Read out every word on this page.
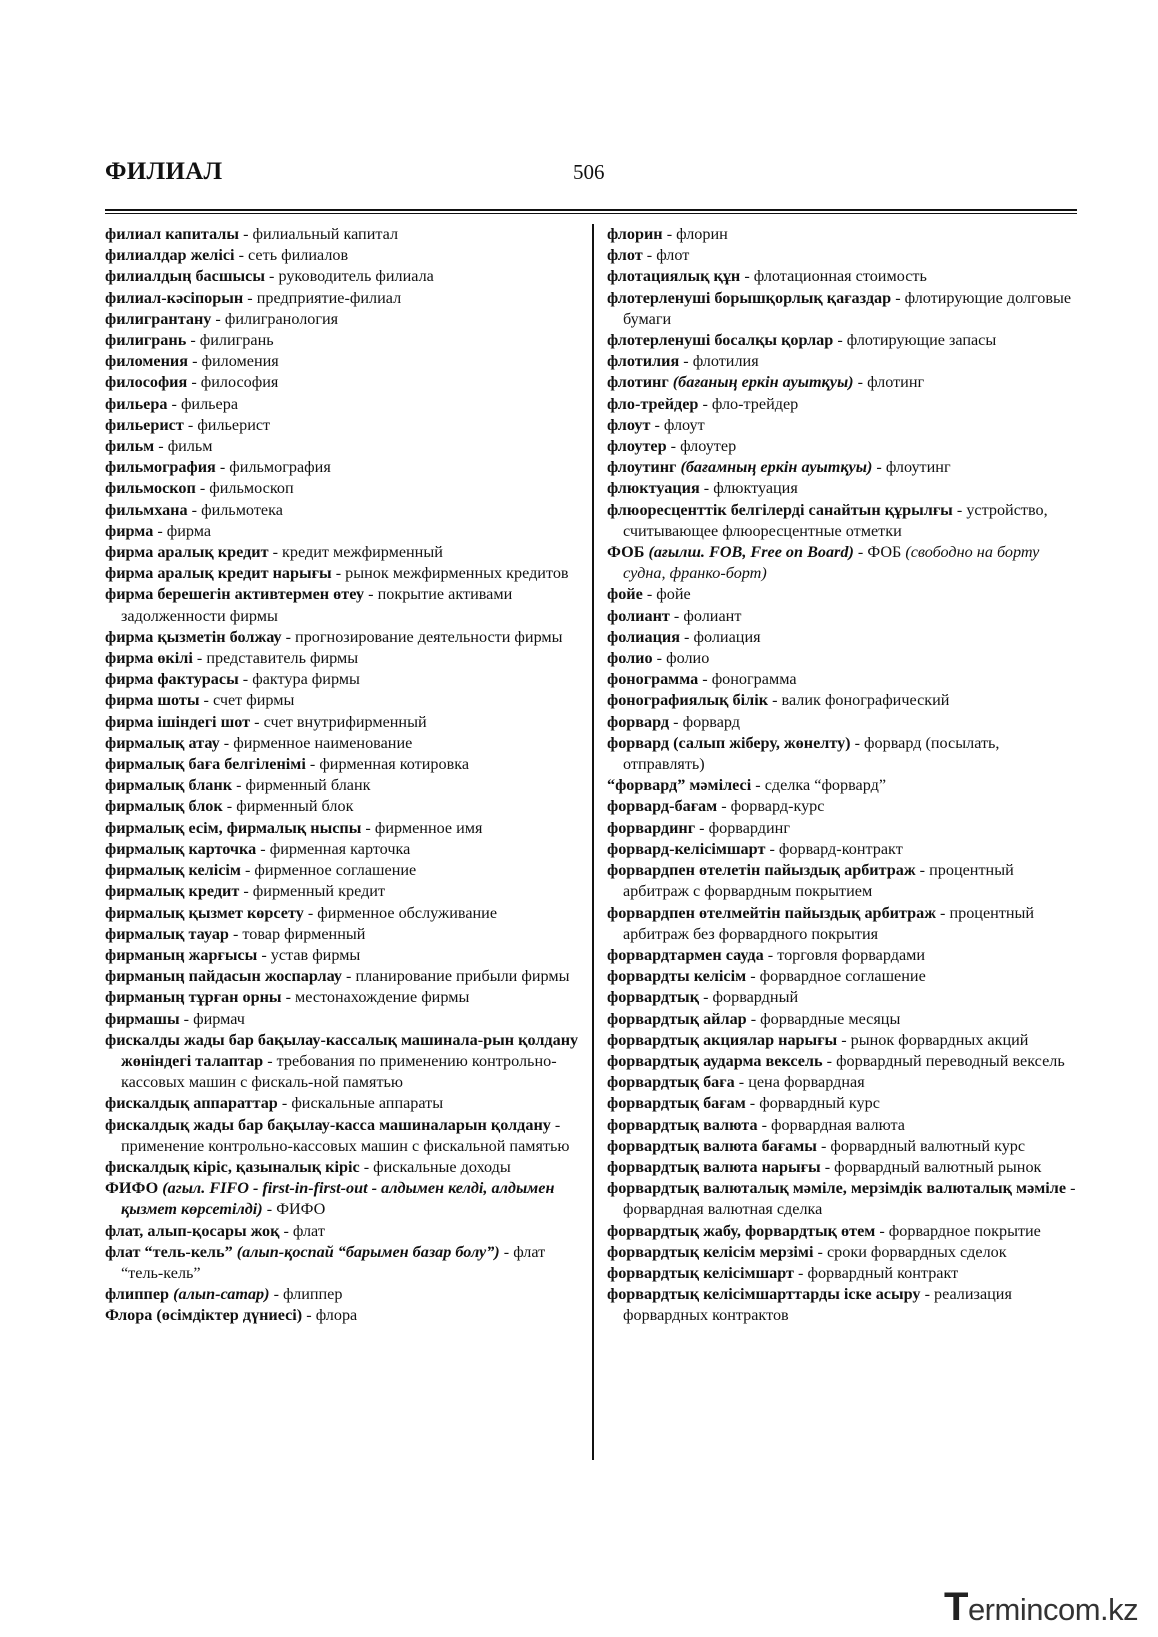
ФИЛИАЛ	506

филиал капиталы - филиальный капитал

филиалдар желісі - сеть филиалов

филиалдың басшысы - руководитель филиала

филиал-кәсіпорын - предприятие-филиал

филигрантану - филигранология

филигрань - филигрань

филомения - филомения

философия - философия

фильера - фильера

фильерист - фильерист

фильм - фильм

фильмография - фильмография

фильмоскоп - фильмоскоп

фильмхана - фильмотека

фирма - фирма

фирма аралық кредит - кредит межфирменный

фирма аралық кредит нарығы - рынок межфирменных кредитов

фирма берешегін активтермен өтеу - покрытие активами задолженности фирмы

фирма қызметін болжау - прогнозирование деятельности фирмы

фирма өкілі - представитель фирмы

фирма фактурасы - фактура фирмы

фирма шоты - счет фирмы

фирма ішіндегі шот - счет внутрифирменный

фирмалық атау - фирменное наименование

фирмалық баға белгіленімі - фирменная котировка

фирмалық бланк - фирменный бланк

фирмалық блок - фирменный блок

фирмалық есім, фирмалық ныспы - фирменное имя

фирмалық карточка - фирменная карточка

фирмалық келісім - фирменное соглашение

фирмалық кредит - фирменный кредит

фирмалық қызмет көрсету - фирменное обслуживание

фирмалық тауар - товар фирменный

фирманың жарғысы - устав фирмы

фирманың пайдасын жоспарлау - планирование прибыли фирмы

фирманың тұрған орны - местонахождение фирмы

фирмашы - фирмач

фискалды жады бар бақылау-кассалық машинала-рын қолдану жөніндегі талаптар - требования по применению контрольно-кассовых машин с фискаль-ной памятью

фискалдық аппараттар - фискальные аппараты

фискалдық жады бар бақылау-касса машиналарын қолдану - применение контрольно-кассовых машин с фискальной памятью

фискалдық кіріс, қазыналық кіріс - фискальные доходы

ФИФО (агыл. FIFO - first-in-first-out - алдымен келді, алдымен қызмет көрсетілді) - ФИФО

флат, алып-қосары жоқ - флат

флат “тель-кель” (алып-қоспай “барымен базар болу”) - флат “тель-кель”

флиппер (алып-сатар) - флиппер

Флора (өсімдіктер дүниесі) - флора

флорин - флорин

флот - флот

флотациялық құн - флотационная стоимость

флотерленуші борышқорлық қағаздар - флотирующие долговые бумаги

флотерленуші босалқы қорлар - флотирующие запасы

флотилия - флотилия

флотинг (бағаның еркін ауытқуы) - флотинг

фло-трейдер - фло-трейдер

флоут - флоут

флоутер - флоутер

флоутинг (бағамның еркін ауытқуы) - флоутинг

флюктуация - флюктуация

флюоресценттік белгілерді санайтын құрылғы - устройство, считывающее флюоресцентные отметки

ФОБ (ағылш. FOB, Free on Board) - ФОБ (свободно на борту судна, франко-борт)

фойе - фойе

фолиант - фолиант

фолиация - фолиация

фолио - фолио

фонограмма - фонограмма

фонографиялық білік - валик фонографический

форвард - форвард

форвард (салып жіберу, жөнелту) - форвард (посылать, отправлять)

“форвард” мәмілесі - сделка “форвард”

форвард-бағам - форвард-курс

форвардинг - форвардинг

форвард-келісімшарт - форвард-контракт

форвардпен өтелетін пайыздық арбитраж - процентный арбитраж с форвардным покрытием

форвардпен өтелмейтін пайыздық арбитраж - процентный арбитраж без форвардного покрытия

форвардтармен сауда - торговля форвардами

форвардты келісім - форвардное соглашение

форвардтық - форвардный

форвардтық айлар - форвардные месяцы

форвардтық акциялар нарығы - рынок форвардных акций

форвардтық аударма вексель - форвардный переводный вексель

форвардтық баға - цена форвардная

форвардтық бағам - форвардный курс

форвардтық валюта - форвардная валюта

форвардтық валюта бағамы - форвардный валютный курс

форвардтық валюта нарығы - форвардный валютный рынок

форвардтық валюталық мәміле, мерзімдік валюталық мәміле - форвардная валютная сделка

форвардтық жабу, форвардтық өтем - форвардное покрытие

форвардтық келісім мерзімі - сроки форвардных сделок

форвардтық келісімшарт - форвардный контракт

форвардтық келісімшарттарды іске асыру - реализация форвардных контрактов

Termincom.kz
